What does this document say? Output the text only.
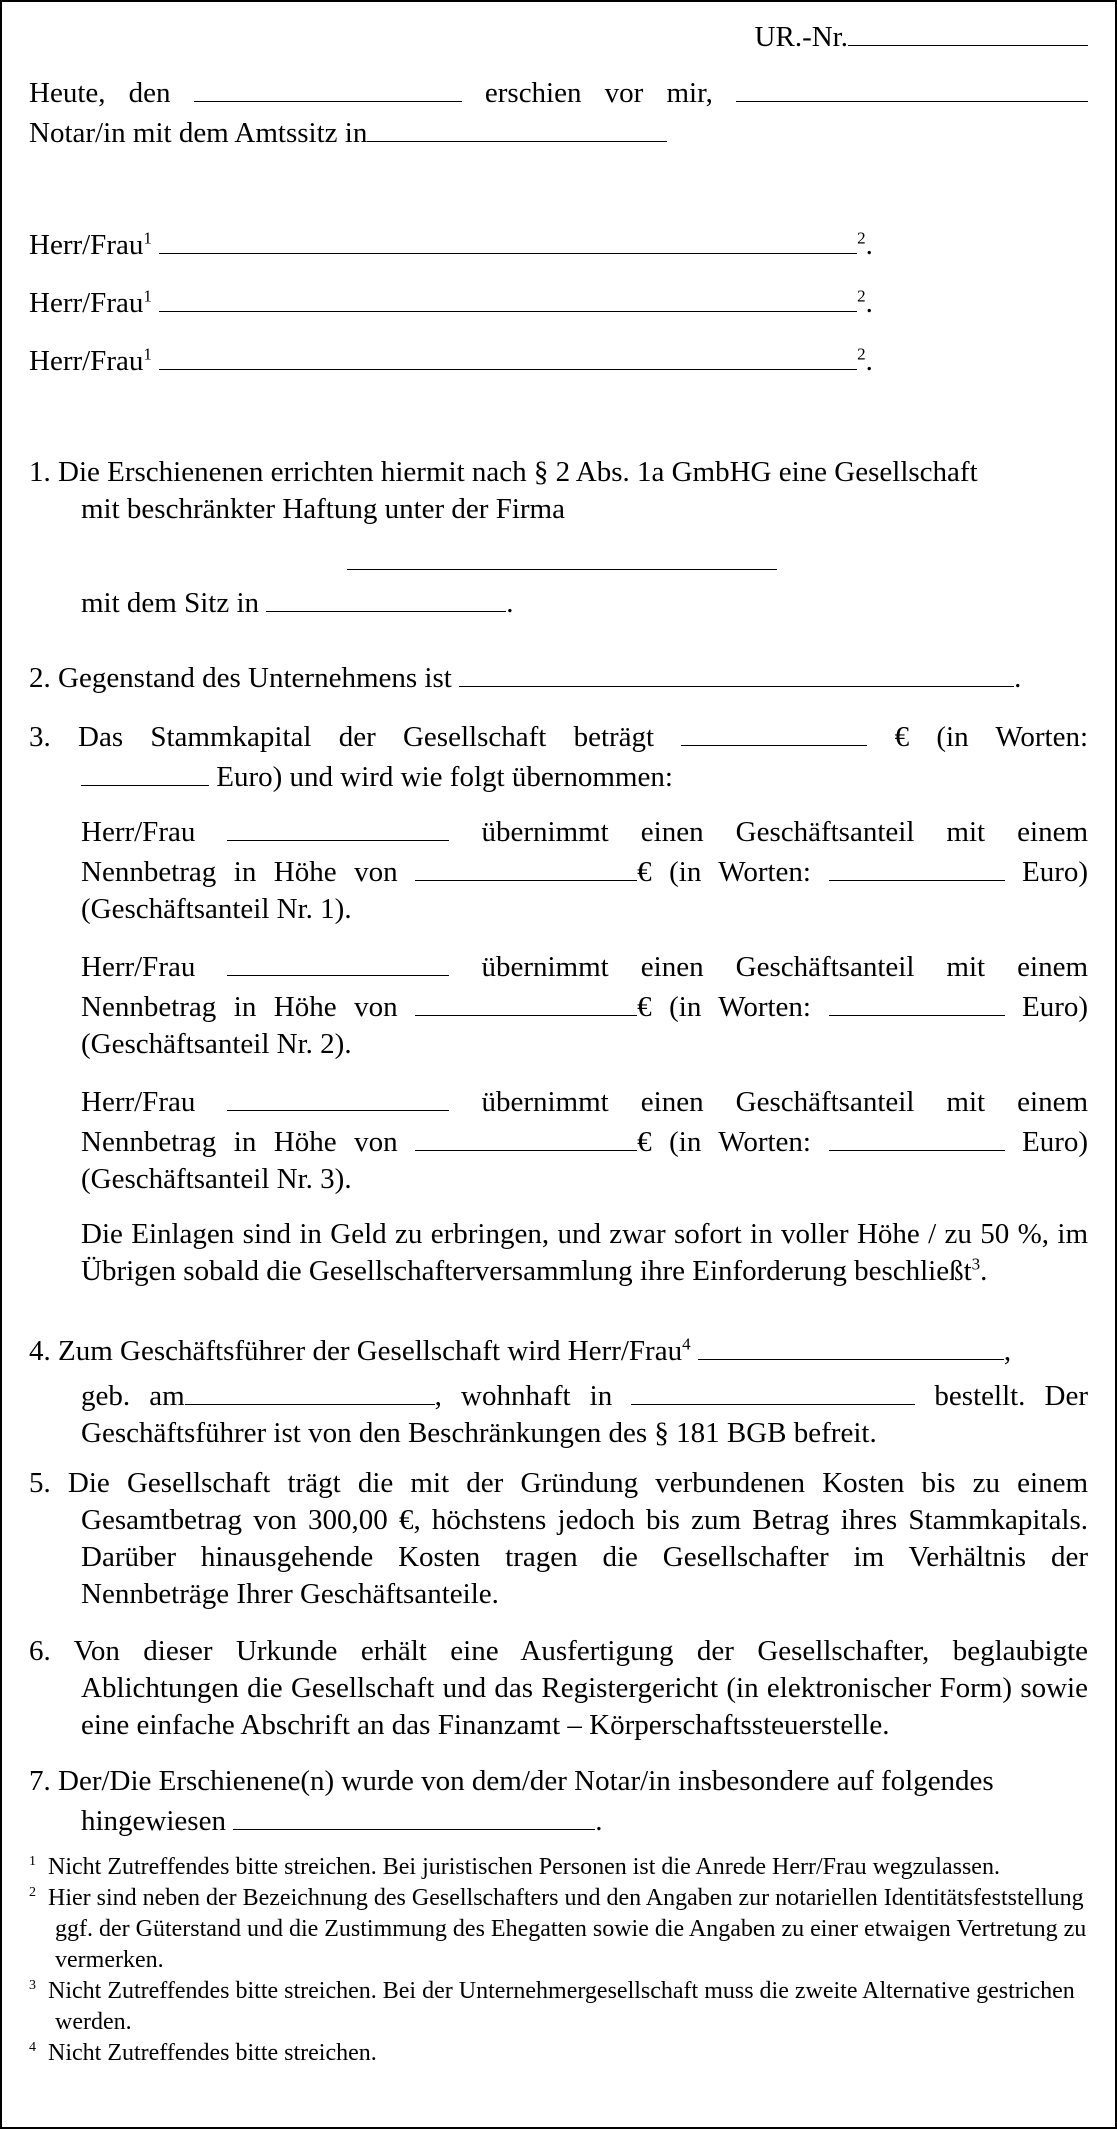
UR.-Nr.
Heute, den	erschien vor mir,
Notar/in mit dem Amtssitz in
Herr/Frau$^1$	$^2$.
Herr/Frau$^1$	$^2$.
Herr/Frau$^1$	$^2$.
1. Die Erschienenen errichten hiermit nach § 2 Abs. 1a GmbHG eine Gesellschaft
mit beschränkter Haftung unter der Firma
mit dem Sitz in	.
2. Gegenstand des Unternehmens ist	.
3. Das Stammkapital der Gesellschaft beträgt	€ (in Worten:
Euro) und wird wie folgt übernommen:
Herr/Frau	übernimmt einen Geschäftsanteil mit einem
Nennbetrag in Höhe von	€ (in Worten:	Euro)
(Geschäftsanteil Nr. 1).
Herr/Frau	übernimmt einen Geschäftsanteil mit einem
Nennbetrag in Höhe von	€ (in Worten:	Euro)
(Geschäftsanteil Nr. 2).
Herr/Frau	übernimmt einen Geschäftsanteil mit einem
Nennbetrag in Höhe von	€ (in Worten:	Euro)
(Geschäftsanteil Nr. 3).
Die Einlagen sind in Geld zu erbringen, und zwar sofort in voller Höhe / zu 50 %, im Übrigen sobald die Gesellschafterversammlung ihre Einforderung beschließt$^3$.
4. Zum Geschäftsführer der Gesellschaft wird Herr/Frau$^4$	,
geb. am	, wohnhaft in	bestellt. Der
Geschäftsführer ist von den Beschränkungen des § 181 BGB befreit.
5. Die Gesellschaft trägt die mit der Gründung verbundenen Kosten bis zu einem Gesamtbetrag von 300,00 €, höchstens jedoch bis zum Betrag ihres Stammkapitals. Darüber hinausgehende Kosten tragen die Gesellschafter im Verhältnis der Nennbeträge Ihrer Geschäftsanteile.
6. Von dieser Urkunde erhält eine Ausfertigung der Gesellschafter, beglaubigte Ablichtungen die Gesellschaft und das Registergericht (in elektronischer Form) sowie eine einfache Abschrift an das Finanzamt – Körperschaftssteuerstelle.
7. Der/Die Erschienene(n) wurde von dem/der Notar/in insbesondere auf folgendes
hingewiesen	.
$^1$ Nicht Zutreffendes bitte streichen. Bei juristischen Personen ist die Anrede Herr/Frau wegzulassen.
$^2$ Hier sind neben der Bezeichnung des Gesellschafters und den Angaben zur notariellen Identitätsfeststellung ggf. der Güterstand und die Zustimmung des Ehegatten sowie die Angaben zu einer etwaigen Vertretung zu vermerken.
$^3$ Nicht Zutreffendes bitte streichen. Bei der Unternehmergesellschaft muss die zweite Alternative gestrichen werden.
$^4$ Nicht Zutreffendes bitte streichen.
